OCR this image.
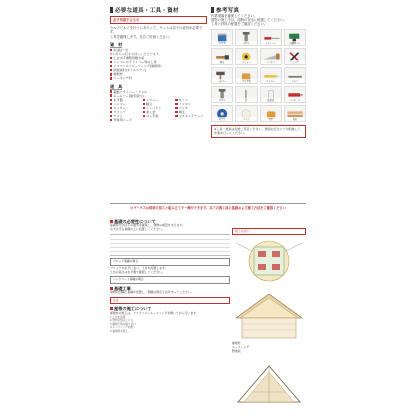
必要な道具・工具・資材
必ず用意するもの
セルフビルドを行うにあたって、キットは以下の道具が必要です。
工具を確保します。各自ご用意ください。
資　材
釘(鉄)一式
※お持ちの釘をお使いいただけます。
土台水平調整用敷き板
ハンマーやドライバー等の工具
アスファルトルーフィング(屋根用)
防腐塗料(オイルステン)
屋根材
コーキング材
道　具
電動ドライバー・ドリル
ホールソー(換気扇穴)
水平器	メジャー	丸ノコ
ハンマー	脚立	ノコギリ
カッター	インパクト	ペンチ
クランプ	差し金	刷毛
ヤスリ	ゴム手袋	マスキングテープ
作業用コード
参考写真
作業現場を確保してください。
建物の施工中は、周囲の安全に配慮してください。
工具と材料の配置をご確認ください。
ペンキ	ボルト	ドライバー	電動ドリル
刷毛	メジャー	ノコギリ	ペンチ
ハンマー	ゴム手袋	カッター	ヤスリ
ボルト	釘	接着剤	コーキング
丸ノコ	テープ	軍手	資材
※工具・道具は別途ご用意ください。周囲の安全に十分配慮して作業を行ってください。
ログハウスは部材の加工と組み立てで一棟ができます。以下の施工前に基礎および施工方法をご確認ください
基礎の必要性について
基礎部分が床下の通気を確保し、建物の重量を支えます。
必ず水平な基礎の上に設置してください。
ブロック基礎の場合
ブロックを水平に並べ、土台を設置します。
土台の高さは水平器で確認してください。
コンクリート基礎の場合
基礎工事
建物の四隅に基礎を設置し、間隔は規定寸法を守ってください。
注意
屋根の施工について
屋根材の施工は、アスファルトルーフィングを敷いてから行います。
1 土台を設置
2 壁材を組み上げる
3 屋根下地を取り付け
4 ルーフィングを敷く
5 屋根材を施工
施工の流れ
屋根材
ルーフィング
野地板
